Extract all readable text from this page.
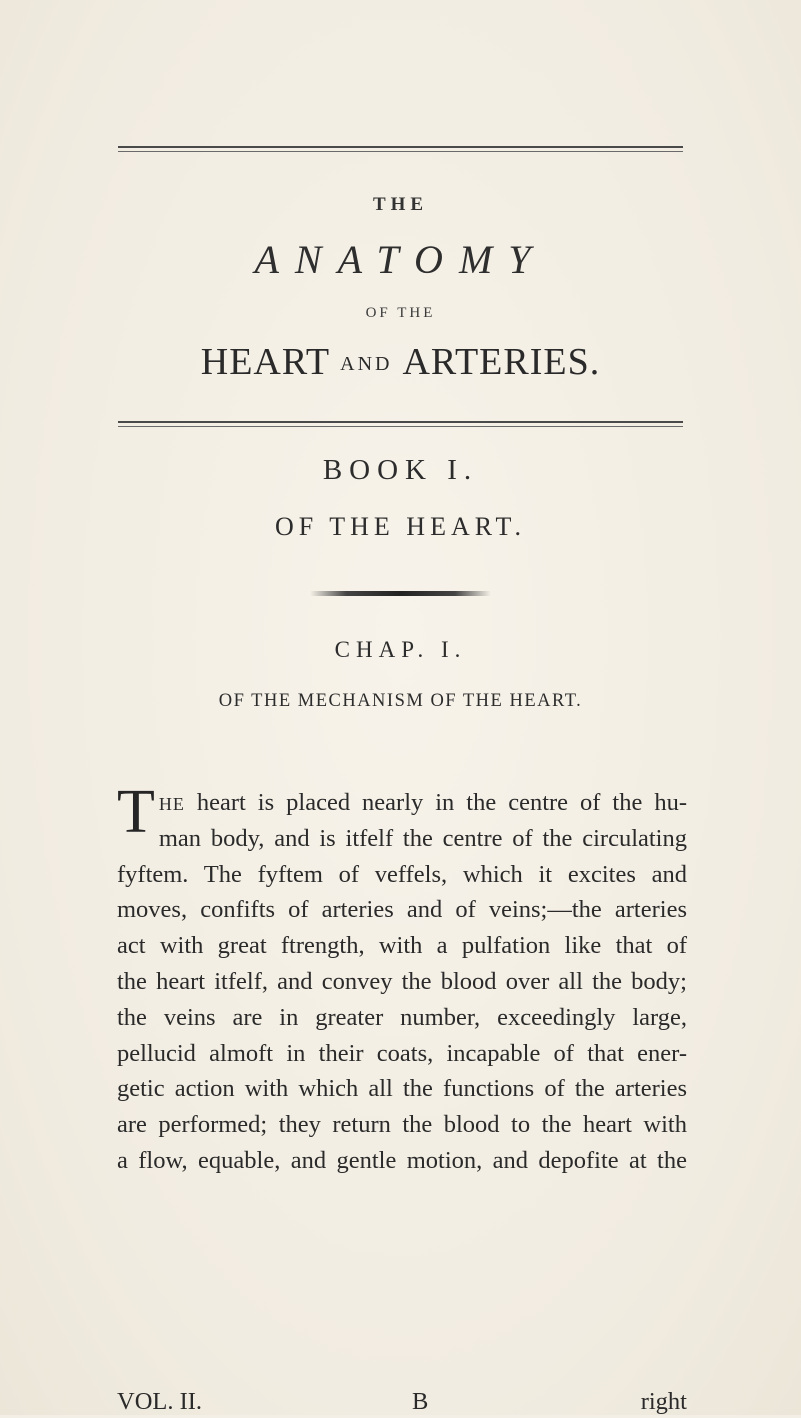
THE
ANATOMY
OF THE
HEART AND ARTERIES.
BOOK I.
OF THE HEART.
CHAP. I.
OF THE MECHANISM OF THE HEART.
THE heart is placed nearly in the centre of the hu-
man body, and is itfelf the centre of the circulating
fyftem. The fyftem of veffels, which it excites and
moves, confifts of arteries and of veins;—the arteries
act with great ftrength, with a pulfation like that of
the heart itfelf, and convey the blood over all the body;
the veins are in greater number, exceedingly large,
pellucid almoft in their coats, incapable of that ener-
getic action with which all the functions of the arteries
are performed; they return the blood to the heart with
a flow, equable, and gentle motion, and depofite at the
VOL. II.	B	right
